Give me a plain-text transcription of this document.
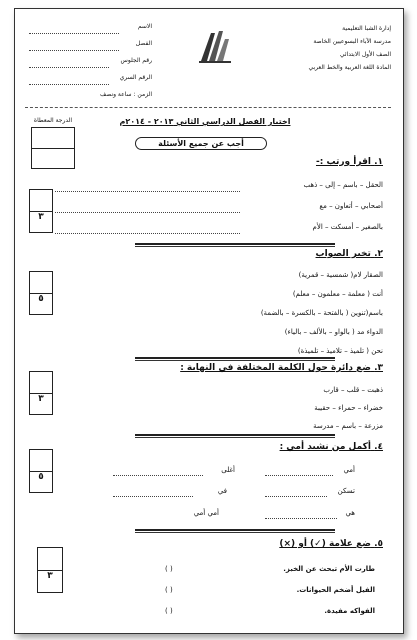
إدارة الشبا التعليمية
مدرسة الآباء البسوعيين الخاصة
الصف الأول الابتدائي
المادة اللغة العربية والخط العربي
الاسم
الفصل
رقم الجلوس
الرقم السري
الزمن : ساعة ونصف
الدرجة المعطاة	اختبار الفصل الدراسي الثاني ٢٠١٣ - ٢٠١٤م
أجب عن جميع الأسئلة
١. اقرأ ورتب :-
الحقل – باسم – إلى – ذهب
أصحابي – أتعاون – مع
بالصغير – أمسكت – الأم
٣
٢. تخير الصواب
الصقار لام( شمسية – قمرية)
أنت ( معلمة – معلمون – معلم)
باسم(تنوين ( بالفتحة – بالكسرة – بالضمة)
الدواء مد ( بالواو – بالألف – بالياء)
نحن ( تلميذ – تلاميذ – تلميذة)
٥
٣. ضع دائرة حول الكلمة المختلفة في النهاية :
ذهبت – قلب – قارب
خضراء – حمراء – حقيبة
مزرعة – باسم – مدرسة
٣
٤. أكمل من نشيد أمي :
أمي
تسكن
هي
أغلى
في
أمي أمي
٥
٥. ضع علامة (✓) أو (×)
طارت الأم تبحث عن الخبز.
الفيل أضخم الحيوانات.
الفواكه مفيدة.
( )
( )
( )
٣
